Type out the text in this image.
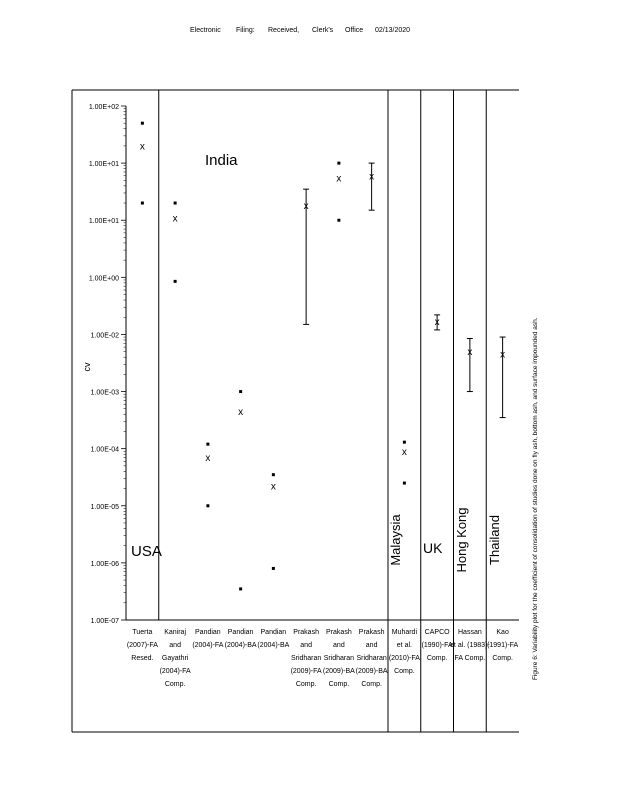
Electronic Filing: Received, Clerk's Office 02/13/2020
1.00E-07
1.00E-06
1.00E-05
1.00E-04
1.00E-03
1.00E-02
1.00E+00
1.00E+01
1.00E+01
1.00E+02
cv
x
Tuerta
(2007)-FA
Resed.
x
Kaniraj
and
Gayathri
(2004)-FA
Comp.
x
Pandian
(2004)-FA
x
Pandian
(2004)-BA
x
Pandian
(2004)-BA
x
Prakash
and
Sridharan
(2009)-FA
Comp.
x
Prakash
and
Sridharan
(2009)-BA
Comp.
x
Prakash
and
Sridharan
(2009)-BA
Comp.
x
Muhardi
et al.
(2010)-FA
Comp.
x
CAPCO
(1990)-FA
Comp.
x
Hassan
et al. (1983)-
FA Comp.
x
Kao
(1991)-FA
Comp.
USA
India
Malaysia UK Hong Kong Thailand	Figure 6: Variability plot for the coefficient of consolidation of studies done on fly ash, bottom ash, and surface impounded ash.
